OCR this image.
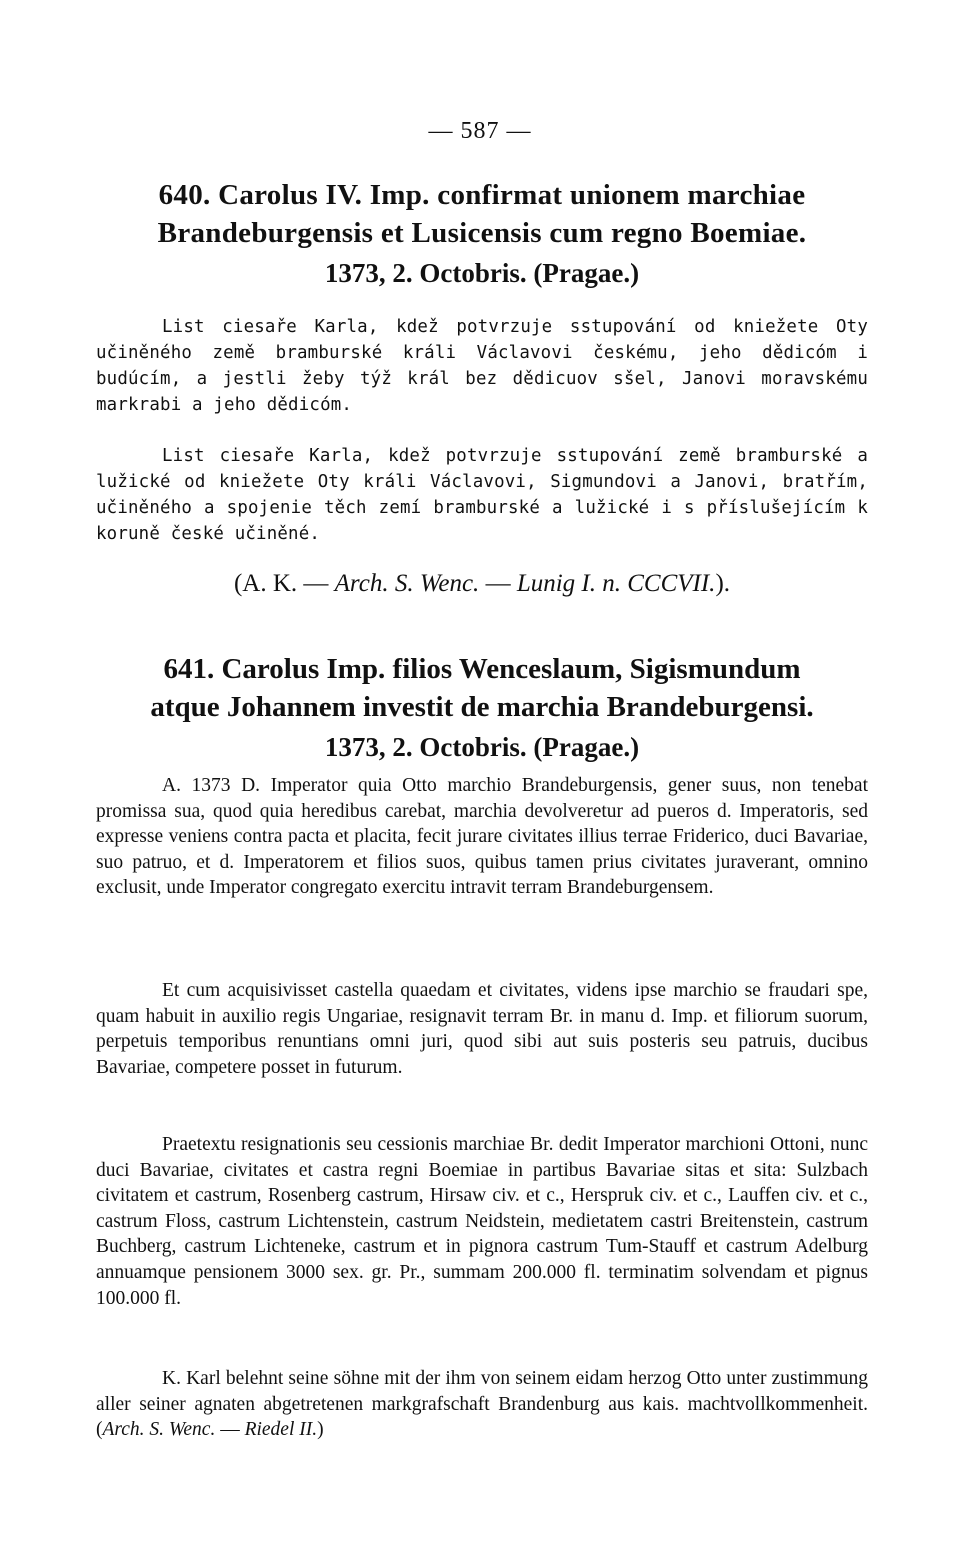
— 587 —
640. Carolus IV. Imp. confirmat unionem marchiae
Brandeburgensis et Lusicensis cum regno Boemiae.
1373, 2. Octobris. (Pragae.)

List ciesaře Karla, kdež potvrzuje sstupování od kniežete Oty učiněného země bramburské králi Václavovi českému, jeho dědicóm i budúcím, a jestli žeby týž král bez dědicuov sšel, Janovi moravskému markrabi a jeho dědicóm.

List ciesaře Karla, kdež potvrzuje sstupování země bramburské a lužické od kniežete Oty králi Václavovi, Sigmundovi a Janovi, bratřím, učiněného a spojenie těch zemí bramburské a lužické i s příslušejícím k koruně české učiněné.

(A. K. — Arch. S. Wenc. — Lunig I. n. CCCVII.).
641. Carolus Imp. filios Wenceslaum, Sigismundum
atque Johannem investit de marchia Brandeburgensi.
1373, 2. Octobris. (Pragae.)

A. 1373 D. Imperator quia Otto marchio Brandeburgensis, gener suus, non tenebat promissa sua, quod quia heredibus carebat, marchia devolveretur ad pueros d. Imperatoris, sed expresse veniens contra pacta et placita, fecit jurare civitates illius terrae Friderico, duci Bavariae, suo patruo, et d. Imperatorem et filios suos, quibus tamen prius civitates juraverant, omnino exclusit, unde Imperator congregato exercitu intravit terram Brandeburgensem.

Et cum acquisivisset castella quaedam et civitates, videns ipse marchio se fraudari spe, quam habuit in auxilio regis Ungariae, resignavit terram Br. in manu d. Imp. et filiorum suorum, perpetuis temporibus renuntians omni juri, quod sibi aut suis posteris seu patruis, ducibus Bavariae, competere posset in futurum.

Praetextu resignationis seu cessionis marchiae Br. dedit Imperator marchioni Ottoni, nunc duci Bavariae, civitates et castra regni Boemiae in partibus Bavariae sitas et sita: Sulzbach civitatem et castrum, Rosenberg castrum, Hirsaw civ. et c., Herspruk civ. et c., Lauffen civ. et c., castrum Floss, castrum Lichtenstein, castrum Neidstein, medietatem castri Breitenstein, castrum Buchberg, castrum Lichteneke, castrum et in pignora castrum Tum-Stauff et castrum Adelburg annuamque pensionem 3000 sex. gr. Pr., summam 200.000 fl. terminatim solvendam et pignus 100.000 fl.

K. Karl belehnt seine söhne mit der ihm von seinem eidam herzog Otto unter zustimmung aller seiner agnaten abgetretenen markgrafschaft Brandenburg aus kais. machtvollkommenheit. (Arch. S. Wenc. — Riedel II.)
